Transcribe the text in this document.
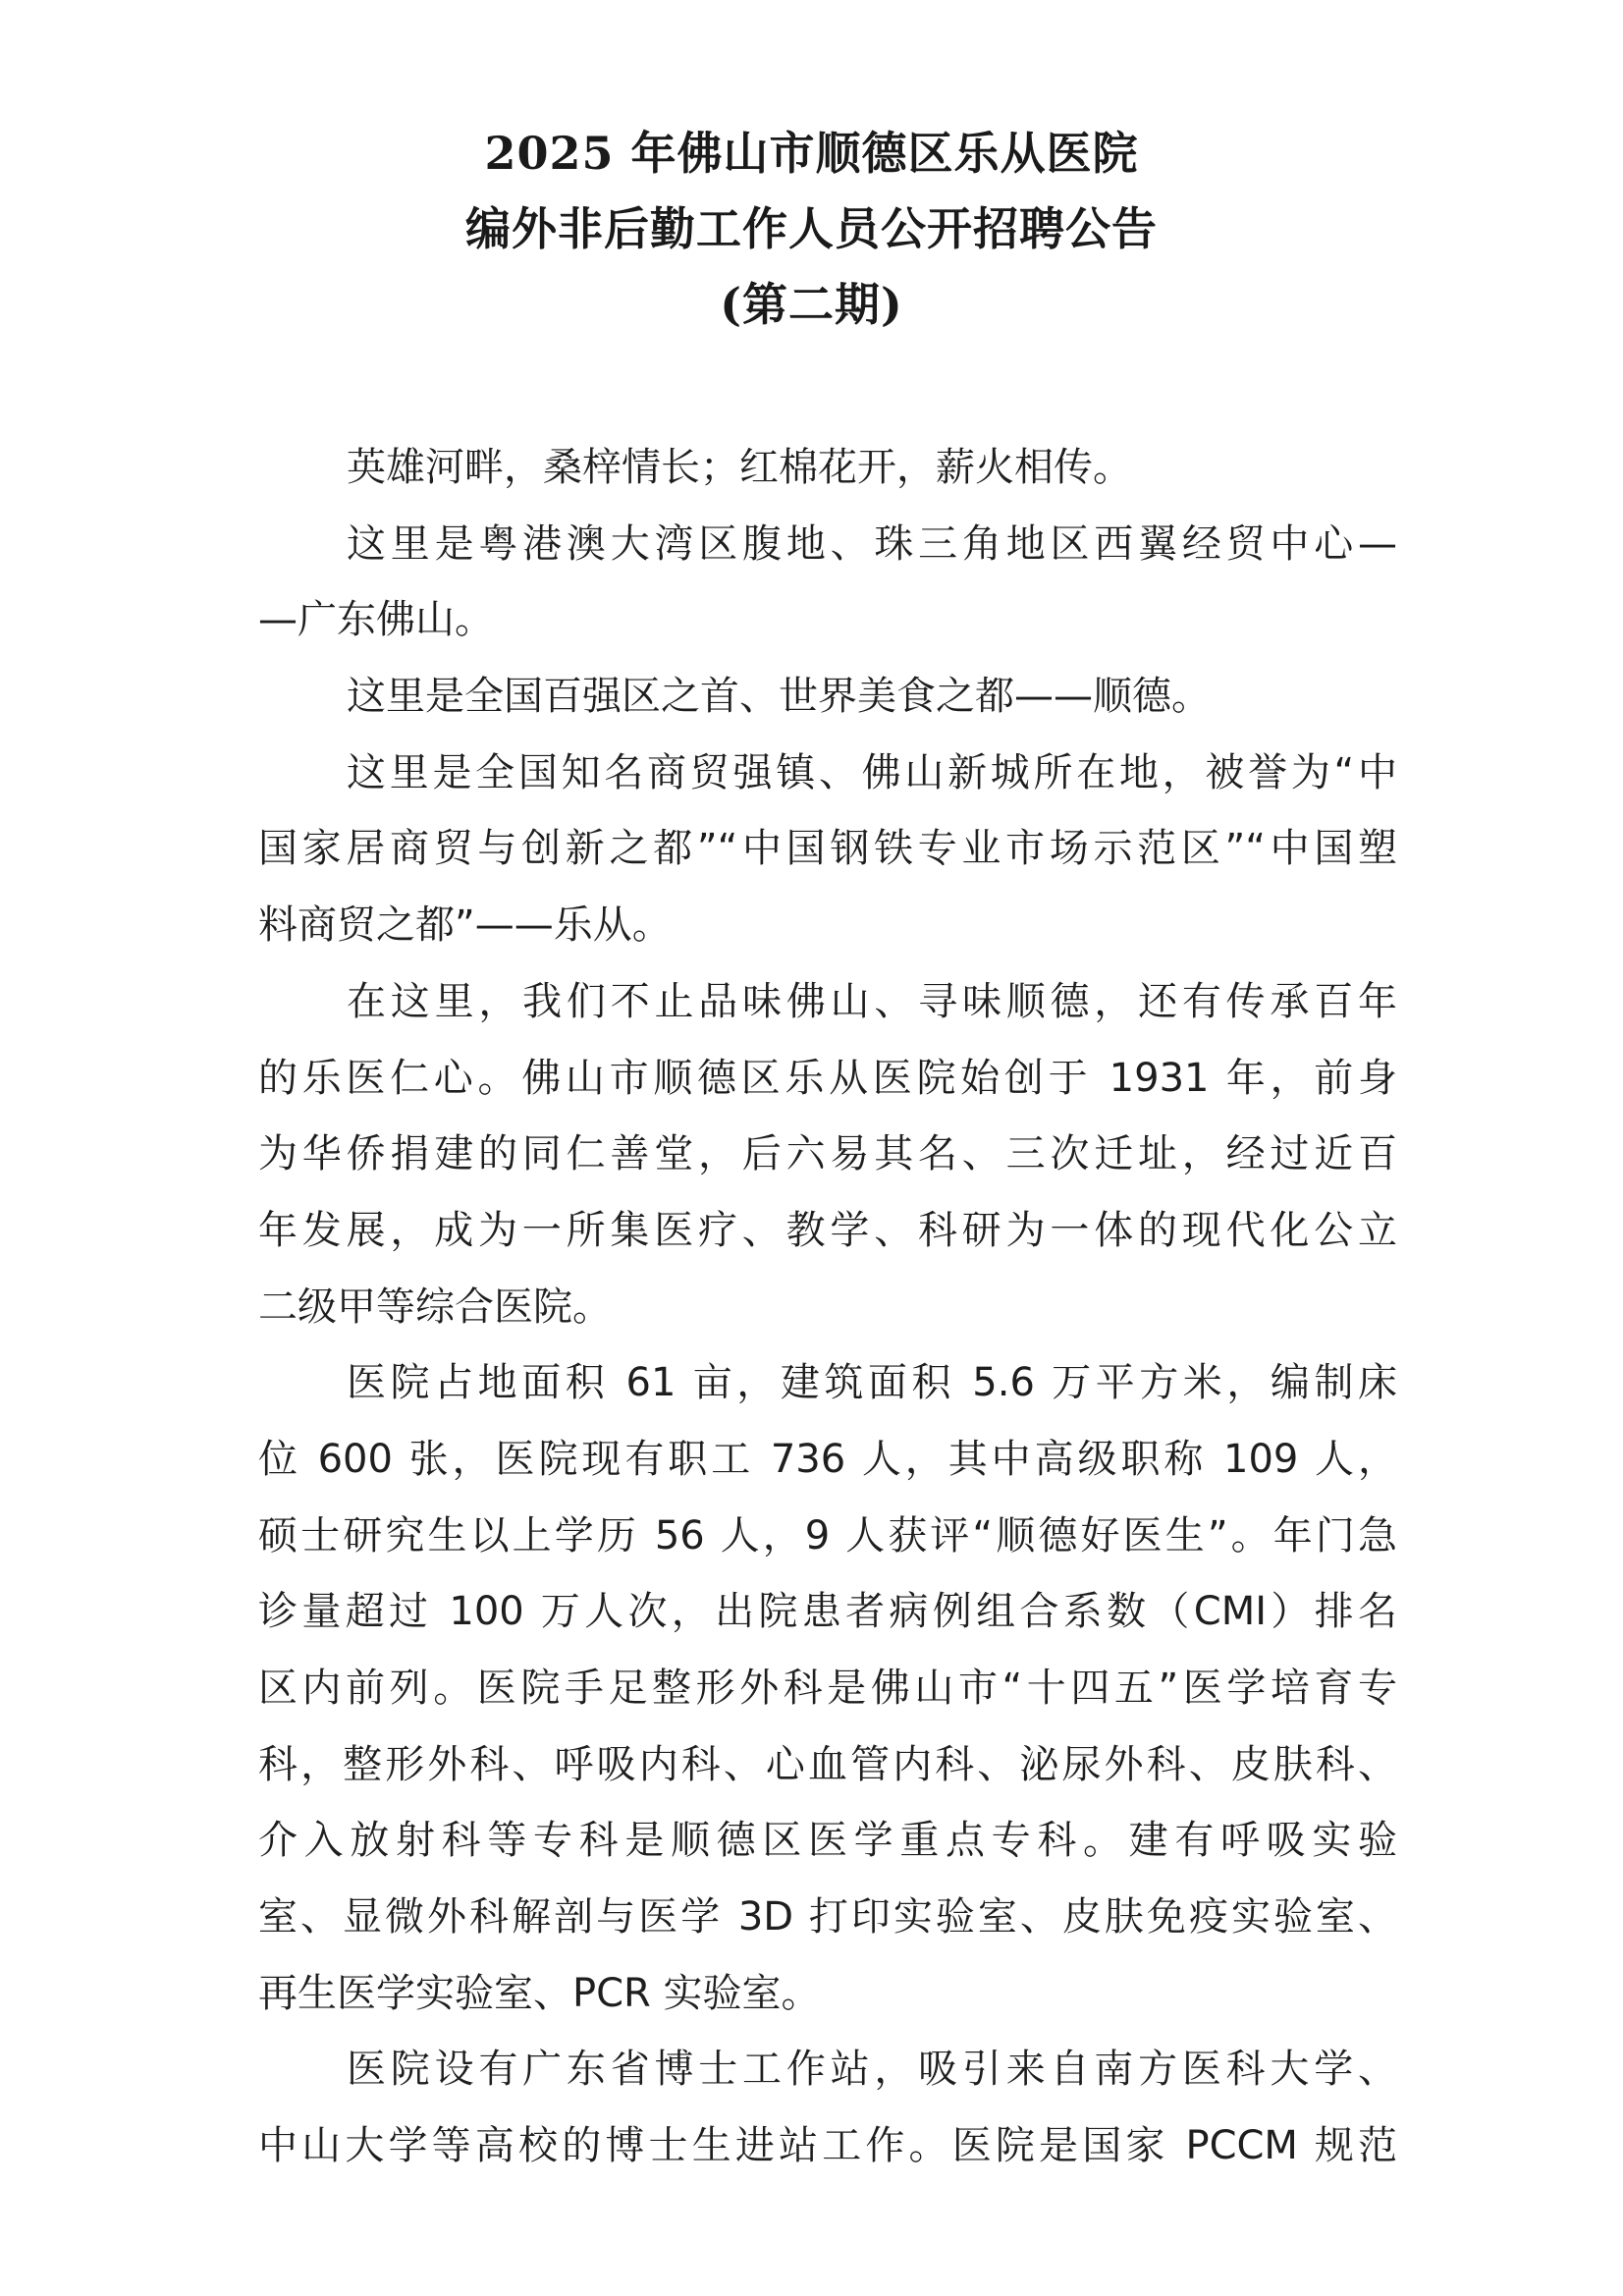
2025 年佛山市顺德区乐从医院
编外非后勤工作人员公开招聘公告
(第二期)
英雄河畔，桑梓情长；红棉花开，薪火相传。
这里是粤港澳大湾区腹地、珠三角地区西翼经贸中心—
—广东佛山。
这里是全国百强区之首、世界美食之都——顺德。
这里是全国知名商贸强镇、佛山新城所在地，被誉为“中
国家居商贸与创新之都”“中国钢铁专业市场示范区”“中国塑
料商贸之都”——乐从。
在这里，我们不止品味佛山、寻味顺德，还有传承百年
的乐医仁心。佛山市顺德区乐从医院始创于 1931 年，前身
为华侨捐建的同仁善堂，后六易其名、三次迁址，经过近百
年发展，成为一所集医疗、教学、科研为一体的现代化公立
二级甲等综合医院。
医院占地面积 61 亩，建筑面积 5.6 万平方米，编制床
位 600 张，医院现有职工 736 人，其中高级职称 109 人，
硕士研究生以上学历 56 人，9 人获评“顺德好医生”。年门急
诊量超过 100 万人次，出院患者病例组合系数（CMI）排名
区内前列。医院手足整形外科是佛山市“十四五”医学培育专
科，整形外科、呼吸内科、心血管内科、泌尿外科、皮肤科、
介入放射科等专科是顺德区医学重点专科。建有呼吸实验
室、显微外科解剖与医学 3D 打印实验室、皮肤免疫实验室、
再生医学实验室、PCR 实验室。
医院设有广东省博士工作站，吸引来自南方医科大学、
中山大学等高校的博士生进站工作。医院是国家 PCCM 规范
